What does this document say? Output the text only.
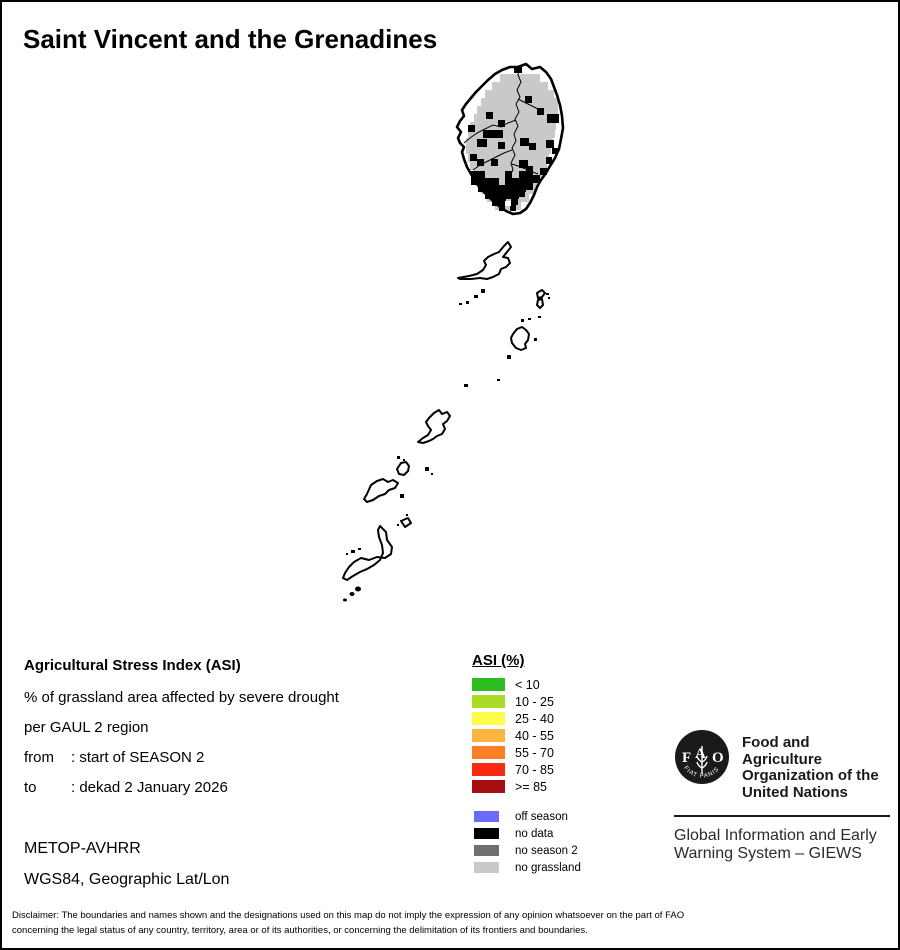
Saint Vincent and the Grenadines
Agricultural Stress Index (ASI)
% of grassland area affected by severe drought
per GAUL 2 region
from : start of SEASON 2
to : dekad 2 January 2026
METOP-AVHRR
WGS84, Geographic Lat/Lon
ASI (%)
< 10
10 - 25
25 - 40
40 - 55
55 - 70
70 - 85
>= 85
off season
no data
no season 2
no grassland
F A O
FIAT PANIS
Food and Agriculture
Organization of the
United Nations
Global Information and Early
Warning System – GIEWS
Disclaimer: The boundaries and names shown and the designations used on this map do not imply the expression of any opinion whatsoever on the part of FAO
concerning the legal status of any country, territory, area or of its authorities, or concerning the delimitation of its frontiers and boundaries.
